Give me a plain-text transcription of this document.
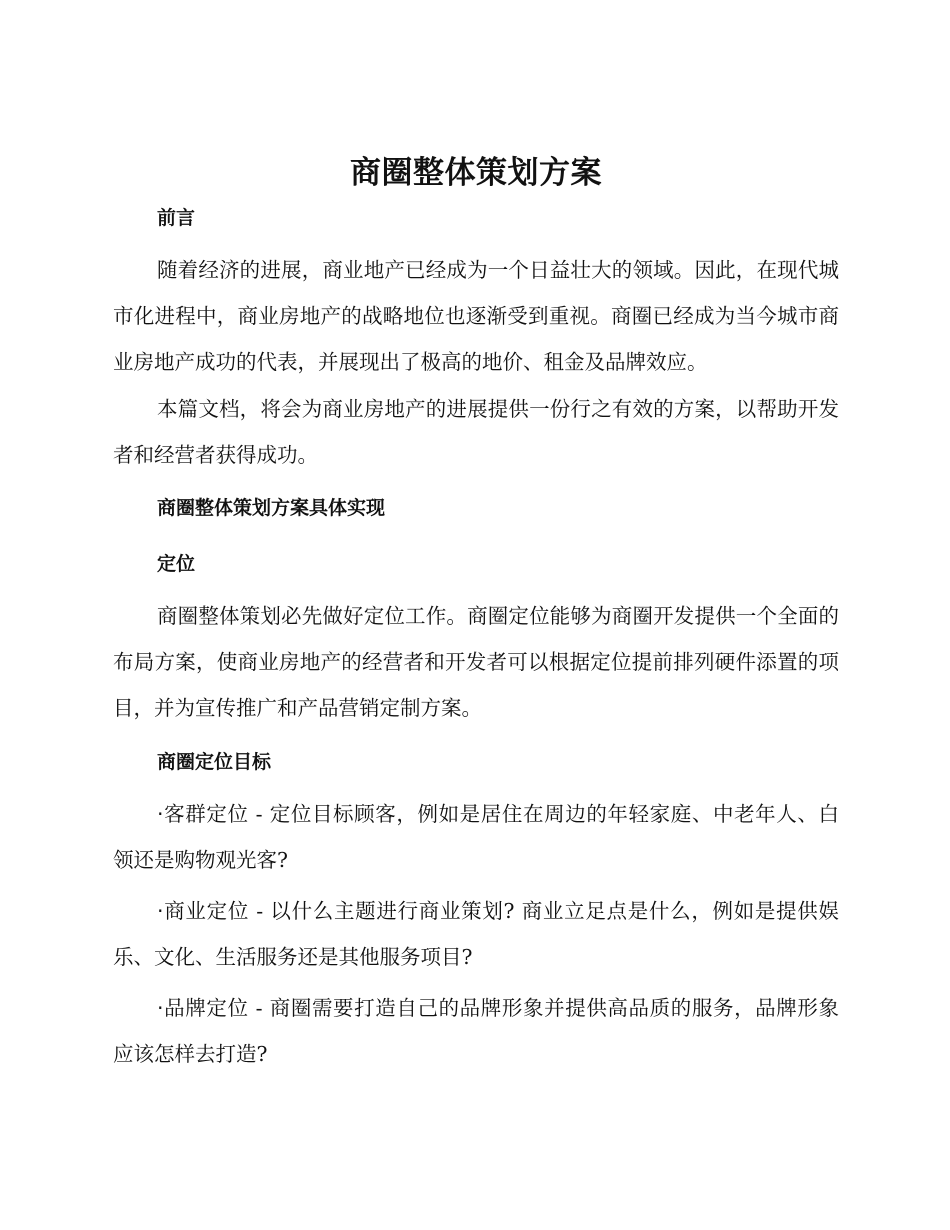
商圈整体策划方案
前言

随着经济的进展，商业地产已经成为一个日益壮大的领域。因此，在现代城市化进程中，商业房地产的战略地位也逐渐受到重视。商圈已经成为当今城市商业房地产成功的代表，并展现出了极高的地价、租金及品牌效应。

本篇文档，将会为商业房地产的进展提供一份行之有效的方案，以帮助开发者和经营者获得成功。

商圈整体策划方案具体实现
定位

商圈整体策划必先做好定位工作。商圈定位能够为商圈开发提供一个全面的布局方案，使商业房地产的经营者和开发者可以根据定位提前排列硬件添置的项目，并为宣传推广和产品营销定制方案。

商圈定位目标

·客群定位 - 定位目标顾客，例如是居住在周边的年轻家庭、中老年人、白领还是购物观光客?

·商业定位 - 以什么主题进行商业策划? 商业立足点是什么，例如是提供娱乐、文化、生活服务还是其他服务项目?

·品牌定位 - 商圈需要打造自己的品牌形象并提供高品质的服务，品牌形象应该怎样去打造?
